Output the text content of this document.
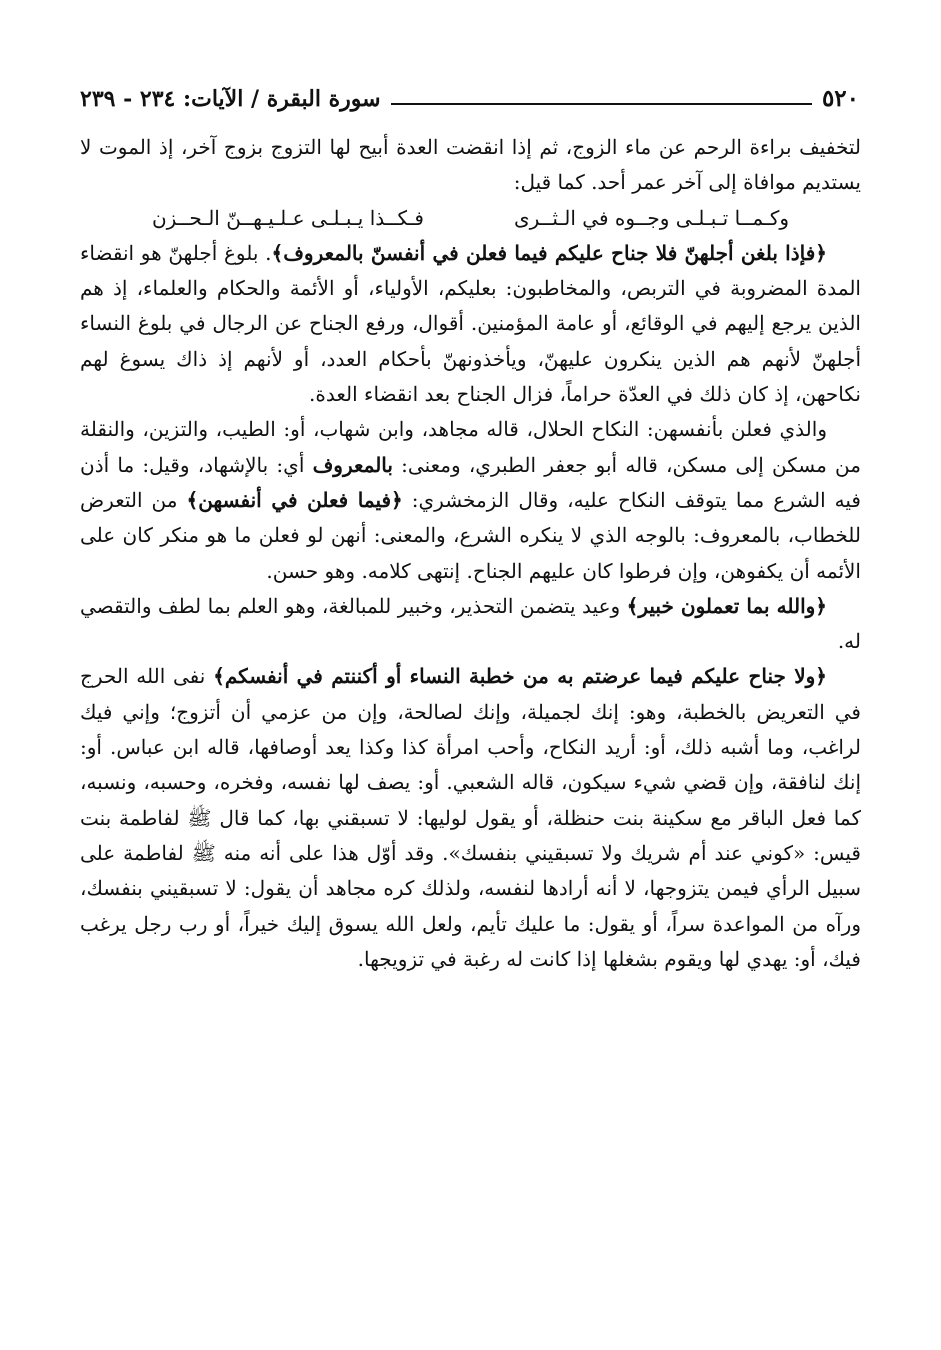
٥٢٠
سورة البقرة / الآيات: ٢٣٤ - ٢٣٩

لتخفيف براءة الرحم عن ماء الزوج، ثم إذا انقضت العدة أبيح لها التزوج بزوج آخر، إذ الموت لا يستديم موافاة إلى آخر عمر أحد. كما قيل:

وكـمــا تـبـلـى وجــوه في الـثــرى
فـكــذا يـبـلـى عـلـيـهــنّ الـحــزن

﴿فإذا بلغن أجلهنّ فلا جناح عليكم فيما فعلن في أنفسنّ بالمعروف﴾. بلوغ أجلهنّ هو انقضاء المدة المضروبة في التربص، والمخاطبون: بعليكم، الأولياء، أو الأئمة والحكام والعلماء، إذ هم الذين يرجع إليهم في الوقائع، أو عامة المؤمنين. أقوال، ورفع الجناح عن الرجال في بلوغ النساء أجلهنّ لأنهم هم الذين ينكرون عليهنّ، ويأخذونهنّ بأحكام العدد، أو لأنهم إذ ذاك يسوغ لهم نكاحهن، إذ كان ذلك في العدّة حراماً، فزال الجناح بعد انقضاء العدة.

والذي فعلن بأنفسهن: النكاح الحلال، قاله مجاهد، وابن شهاب، أو: الطيب، والتزين، والنقلة من مسكن إلى مسكن، قاله أبو جعفر الطبري، ومعنى: بالمعروف أي: بالإشهاد، وقيل: ما أذن فيه الشرع مما يتوقف النكاح عليه، وقال الزمخشري: ﴿فيما فعلن في أنفسهن﴾ من التعرض للخطاب، بالمعروف: بالوجه الذي لا ينكره الشرع، والمعنى: أنهن لو فعلن ما هو منكر كان على الأئمه أن يكفوهن، وإن فرطوا كان عليهم الجناح. إنتهى كلامه. وهو حسن.

﴿والله بما تعملون خبير﴾ وعيد يتضمن التحذير، وخبير للمبالغة، وهو العلم بما لطف والتقصي له.

﴿ولا جناح عليكم فيما عرضتم به من خطبة النساء أو أكننتم في أنفسكم﴾ نفى الله الحرج في التعريض بالخطبة، وهو: إنك لجميلة، وإنك لصالحة، وإن من عزمي أن أتزوج؛ وإني فيك لراغب، وما أشبه ذلك، أو: أريد النكاح، وأحب امرأة كذا وكذا يعد أوصافها، قاله ابن عباس. أو: إنك لنافقة، وإن قضي شيء سيكون، قاله الشعبي. أو: يصف لها نفسه، وفخره، وحسبه، ونسبه، كما فعل الباقر مع سكينة بنت حنظلة، أو يقول لوليها: لا تسبقني بها، كما قال ﷺ لفاطمة بنت قيس: «كوني عند أم شريك ولا تسبقيني بنفسك». وقد أوّل هذا على أنه منه ﷺ لفاطمة على سبيل الرأي فيمن يتزوجها، لا أنه أرادها لنفسه، ولذلك كره مجاهد أن يقول: لا تسبقيني بنفسك، ورآه من المواعدة سراً، أو يقول: ما عليك تأيم، ولعل الله يسوق إليك خيراً، أو رب رجل يرغب فيك، أو: يهدي لها ويقوم بشغلها إذا كانت له رغبة في تزويجها.
